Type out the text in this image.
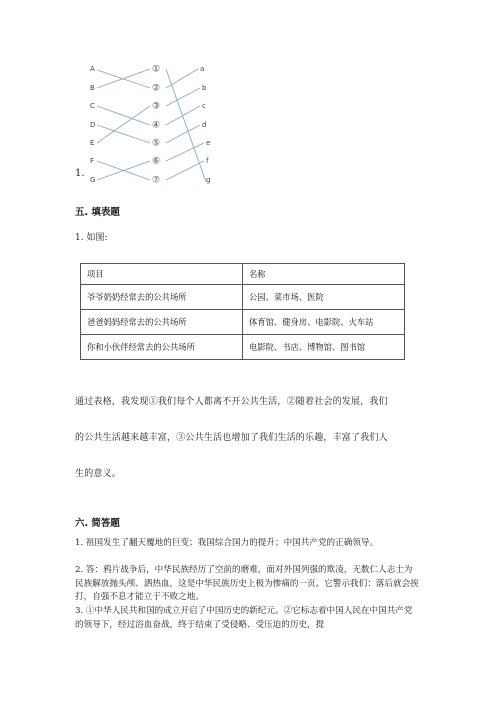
A
B
C
D
E
F
G
①
②
③
④
⑤
⑥
⑦
a
b
c
d
e
f
g
1.
五. 填表题
1. 如图:
项目	名称
爷爷奶奶经常去的公共场所	公园、菜市场、医院
爸爸妈妈经常去的公共场所	体育馆、健身房、电影院、火车站
你和小伙伴经常去的公共场所	电影院、书店、博物馆、图书馆
通过表格，我发现①我们每个人都离不开公共生活，②随着社会的发展，我们
的公共生活越来越丰富，③公共生活也增加了我们生活的乐趣，丰富了我们人
生的意义。
六. 简答题
1. 祖国发生了翻天覆地的巨变；我国综合国力的提升；中国共产党的正确领导。
2. 答：鸦片战争后，中华民族经历了空前的磨难，面对外国列强的欺凌，无数仁人志士为民族解放抛头颅、洒热血，这是中华民族历史上极为惨痛的一页。它警示我们：落后就会挨打，自强不息才能立于不败之地。
3. ①中华人民共和国的成立开启了中国历史的新纪元。②它标志着中国人民在中国共产党的领导下，经过浴血奋战，终于结束了受侵略、受压迫的历史，提
